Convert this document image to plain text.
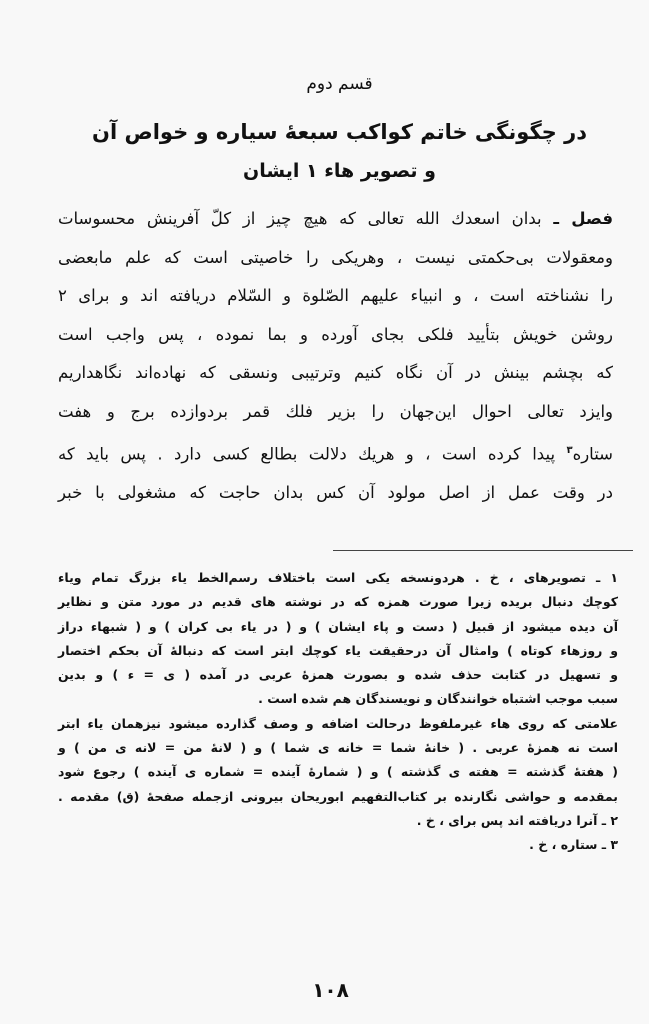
قسم دوم
در چگونگی خاتم کواکب سبعهٔ سیاره و خواص آن
و تصویر هاء ۱ ایشان
فصل ـ بدان اسعدك الله تعالی که هیچ چیز از كلّ آفرینش محسوسات
ومعقولات بی‌حکمتی نیست ، وهریکی را خاصیتی است که علم مابعضی
را نشناخته است ، و انبیاء علیهم الصّلوة و السّلام دریافته اند و برای ۲
روشن خویش بتأیید فلکی بجای آورده و بما نموده ، پس واجب است
که بچشم بینش در آن نگاه کنیم وترتیبی ونسقی که نهاده‌اند نگاهداریم
وایزد تعالی احوال این‌جهان را بزیر فلك قمر بردوازده برج و هفت
ستاره$^۳$ پیدا کرده است ، و هریك دلالت بطالع کسی دارد . پس باید که
در وقت عمل از اصل مولود آن کس بدان حاجت که مشغولی با خبر
۱ ـ تصویرهای ، خ . هردونسخه یکی است باختلاف رسم‌الخط یاء بزرگ تمام ویاء
کوچك دنبال بریده زیرا صورت همزه که در نوشته های قدیم در مورد متن و نظایر
آن دیده میشود از قبیل ( دست و پاء ایشان ) و ( در یاء بی کران ) و ( شبهاء دراز
و روزهاء کوتاه ) وامثال آن درحقیقت یاء کوچك ابتر است که دنبالهٔ آن بحکم اختصار
و تسهیل در کتابت حذف شده و بصورت همزهٔ عربی در آمده ( ی = ء ) و بدین
سبب موجب اشتباه خوانندگان و نویسندگان هم شده است .
علامتی که روی هاء غیرملفوظ درحالت اضافه و وصف گذارده میشود نیزهمان یاء ابتر
است نه همزهٔ عربی . ( خانهٔ شما = خانه ی شما ) و ( لانهٔ من = لانه ی من ) و
( هفتهٔ گذشته = هفته ی گذشته ) و ( شمارهٔ آینده = شماره ی آینده ) رجوع شود
بمقدمه و حواشی نگارنده بر کتاب‌التفهیم ابوریحان بیرونی ازجمله صفحهٔ (ق) مقدمه .
۲ ـ آنرا دریافته اند پس برای ، خ .
۳ ـ ستاره ، خ .
۱۰۸
